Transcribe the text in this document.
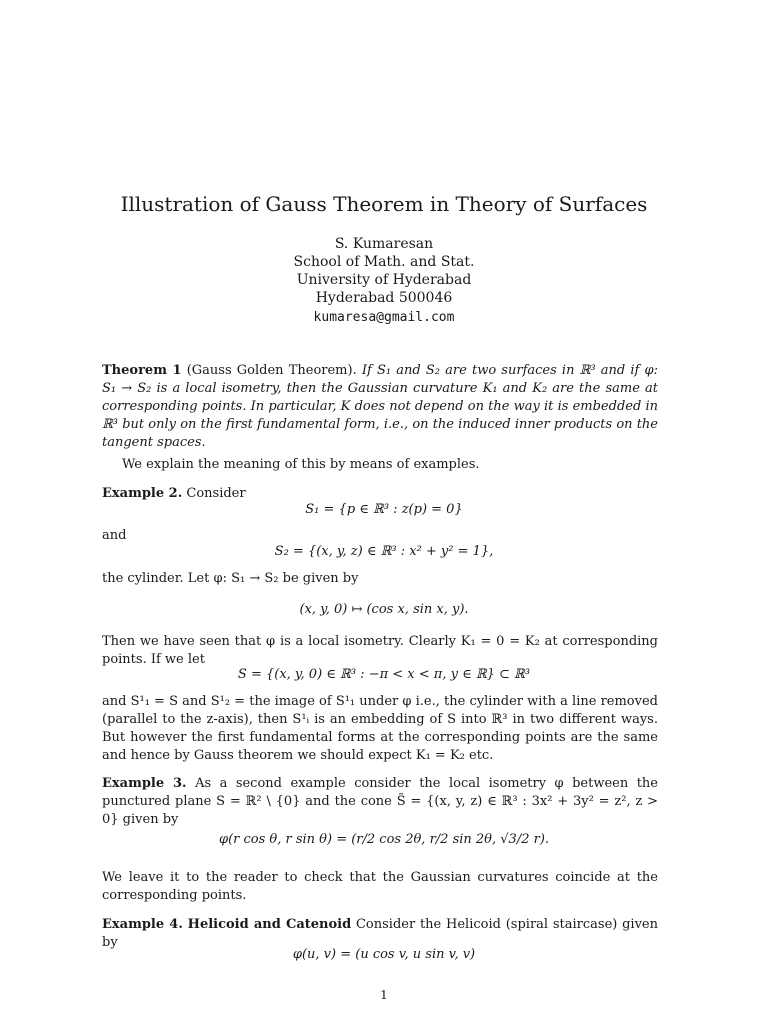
Illustration of Gauss Theorem in Theory of Surfaces
S. Kumaresan
School of Math. and Stat.
University of Hyderabad
Hyderabad 500046
kumaresa@gmail.com
Theorem 1 (Gauss Golden Theorem). If S₁ and S₂ are two surfaces in ℝ³ and if φ: S₁ → S₂ is a local isometry, then the Gaussian curvature K₁ and K₂ are the same at corresponding points. In particular, K does not depend on the way it is embedded in ℝ³ but only on the first fundamental form, i.e., on the induced inner products on the tangent spaces.
We explain the meaning of this by means of examples.
Example 2. Consider
S₁ = {p ∈ ℝ³ : z(p) = 0}
and
S₂ = {(x, y, z) ∈ ℝ³ : x² + y² = 1},
the cylinder. Let φ: S₁ → S₂ be given by
(x, y, 0) ↦ (cos x, sin x, y).
Then we have seen that φ is a local isometry. Clearly K₁ = 0 = K₂ at corresponding points. If we let
S = {(x, y, 0) ∈ ℝ³ : −π < x < π, y ∈ ℝ} ⊂ ℝ³
and S¹₁ = S and S¹₂ = the image of S¹₁ under φ i.e., the cylinder with a line removed (parallel to the z-axis), then S¹ᵢ is an embedding of S into ℝ³ in two different ways. But however the first fundamental forms at the corresponding points are the same and hence by Gauss theorem we should expect K₁ = K₂ etc.
Example 3. As a second example consider the local isometry φ between the punctured plane S = ℝ² \ {0} and the cone S̃ = {(x, y, z) ∈ ℝ³ : 3x² + 3y² = z², z > 0} given by
φ(r cos θ, r sin θ) = (r/2 cos 2θ, r/2 sin 2θ, √3/2 r).
We leave it to the reader to check that the Gaussian curvatures coincide at the corresponding points.
Example 4. Helicoid and Catenoid Consider the Helicoid (spiral staircase) given by
φ(u, v) = (u cos v, u sin v, v)
1
